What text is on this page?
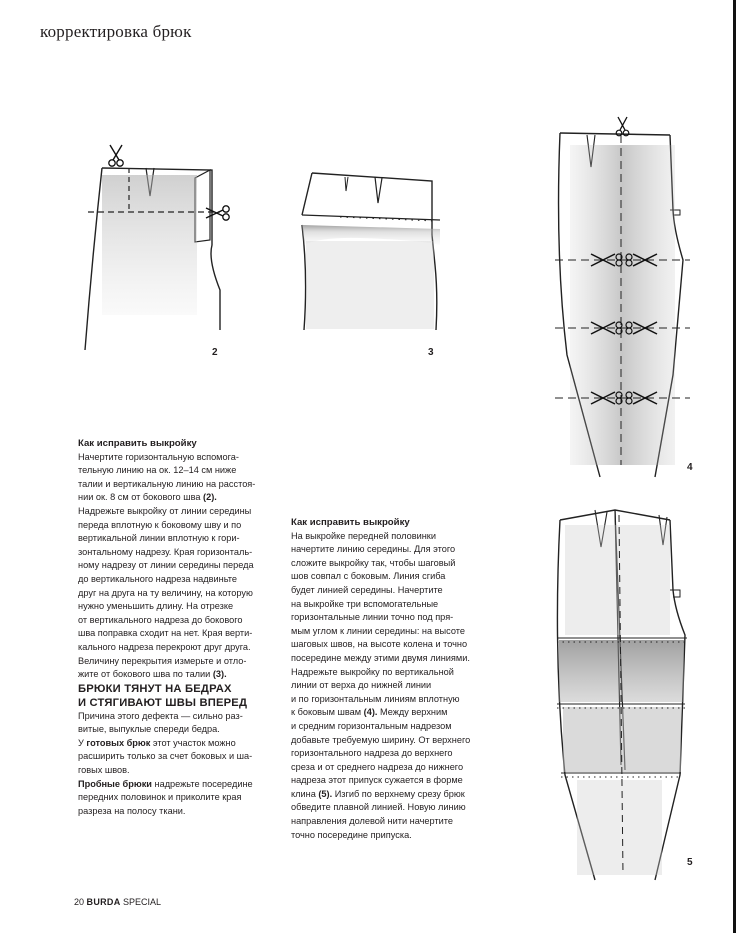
корректировка брюк
2	3
4
5

Как исправить выкройку

Начертите горизонтальную вспомога-

тельную линию на ок. 12–14 см ниже

талии и вертикальную линию на расстоя-

нии ок. 8 см от бокового шва (2).

Надрежьте выкройку от линии середины

переда вплотную к боковому шву и по

вертикальной линии вплотную к гори-

зонтальному надрезу. Края горизонталь-

ному надрезу от линии середины переда

до вертикального надреза надвиньте

друг на друга на ту величину, на которую

нужно уменьшить длину. На отрезке

от вертикального надреза до бокового

шва поправка сходит на нет. Края верти-

кального надреза перекроют друг друга.

Величину перекрытия измерьте и отло-

жите от бокового шва по талии (3).

БРЮКИ ТЯНУТ НА БЕДРАХ
И СТЯГИВАЮТ ШВЫ ВПЕРЕД

Причина этого дефекта — сильно раз-

витые, выпуклые спереди бедра.

У готовых брюк этот участок можно

расширить только за счет боковых и ша-

говых швов.

Пробные брюки надрежьте посередине

передних половинок и приколите края

разреза на полосу ткани.

Как исправить выкройку

На выкройке передней половинки

начертите линию середины. Для этого

сложите выкройку так, чтобы шаговый

шов совпал с боковым. Линия сгиба

будет линией середины. Начертите

на выкройке три вспомогательные

горизонтальные линии точно под пря-

мым углом к линии середины: на высоте

шаговых швов, на высоте колена и точно

посередине между этими двумя линиями.

Надрежьте выкройку по вертикальной

линии от верха до нижней линии

и по горизонтальным линиям вплотную

к боковым швам (4). Между верхним

и средним горизонтальным надрезом

добавьте требуемую ширину. От верхнего

горизонтального надреза до верхнего

среза и от среднего надреза до нижнего

надреза этот припуск сужается в форме

клина (5). Изгиб по верхнему срезу брюк

обведите плавной линией. Новую линию

направления долевой нити начертите

точно посередине припуска.

20 BURDA SPECIAL
